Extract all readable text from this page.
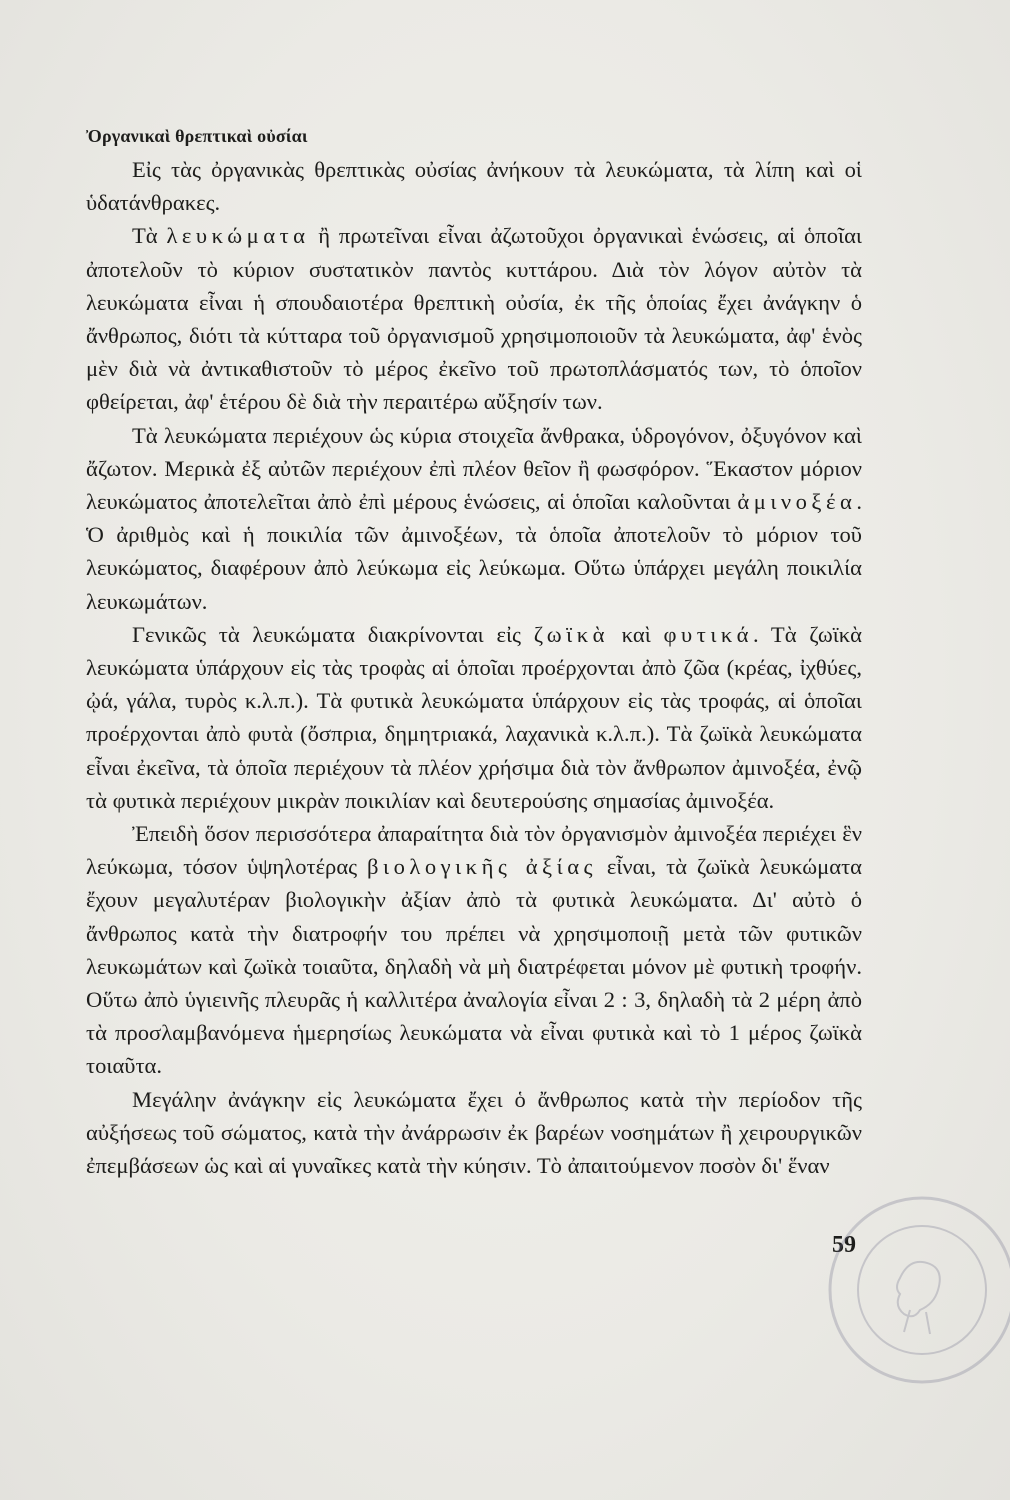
Ὀργανικαὶ θρεπτικαὶ οὐσίαι

Εἰς τὰς ὀργανικὰς θρεπτικὰς οὐσίας ἀνήκουν τὰ λευκώματα, τὰ λίπη καὶ οἱ ὑδατάνθρακες.

Τὰ λευκώματα ἢ πρωτεῖναι εἶναι ἀζωτοῦχοι ὀργανικαὶ ἑνώσεις, αἱ ὁποῖαι ἀποτελοῦν τὸ κύριον συστατικὸν παντὸς κυττάρου. Διὰ τὸν λόγον αὐτὸν τὰ λευκώματα εἶναι ἡ σπουδαιοτέρα θρεπτικὴ οὐσία, ἐκ τῆς ὁποίας ἔχει ἀνάγκην ὁ ἄνθρωπος, διότι τὰ κύτταρα τοῦ ὀργανισμοῦ χρησιμοποιοῦν τὰ λευκώματα, ἀφ' ἑνὸς μὲν διὰ νὰ ἀντικαθιστοῦν τὸ μέρος ἐκεῖνο τοῦ πρωτοπλάσματός των, τὸ ὁποῖον φθείρεται, ἀφ' ἑτέρου δὲ διὰ τὴν περαιτέρω αὔξησίν των.

Τὰ λευκώματα περιέχουν ὡς κύρια στοιχεῖα ἄνθρακα, ὑδρογόνον, ὀξυγόνον καὶ ἄζωτον. Μερικὰ ἐξ αὐτῶν περιέχουν ἐπὶ πλέον θεῖον ἢ φωσφόρον. Ἕκαστον μόριον λευκώματος ἀποτελεῖται ἀπὸ ἐπὶ μέρους ἑνώσεις, αἱ ὁποῖαι καλοῦνται ἀμινοξέα. Ὁ ἀριθμὸς καὶ ἡ ποικιλία τῶν ἀμινοξέων, τὰ ὁποῖα ἀποτελοῦν τὸ μόριον τοῦ λευκώματος, διαφέρουν ἀπὸ λεύκωμα εἰς λεύκωμα. Οὕτω ὑπάρχει μεγάλη ποικιλία λευκωμάτων.

Γενικῶς τὰ λευκώματα διακρίνονται εἰς ζωϊκὰ καὶ φυτικά. Τὰ ζωϊκὰ λευκώματα ὑπάρχουν εἰς τὰς τροφὰς αἱ ὁποῖαι προέρχονται ἀπὸ ζῶα (κρέας, ἰχθύες, ᾠά, γάλα, τυρὸς κ.λ.π.). Τὰ φυτικὰ λευκώματα ὑπάρχουν εἰς τὰς τροφάς, αἱ ὁποῖαι προέρχονται ἀπὸ φυτὰ (ὄσπρια, δημητριακά, λαχανικὰ κ.λ.π.). Τὰ ζωϊκὰ λευκώματα εἶναι ἐκεῖνα, τὰ ὁποῖα περιέχουν τὰ πλέον χρήσιμα διὰ τὸν ἄνθρωπον ἀμινοξέα, ἐνῷ τὰ φυτικὰ περιέχουν μικρὰν ποικιλίαν καὶ δευτερούσης σημασίας ἀμινοξέα.

Ἐπειδὴ ὅσον περισσότερα ἀπαραίτητα διὰ τὸν ὀργανισμὸν ἀμινοξέα περιέχει ἓν λεύκωμα, τόσον ὑψηλοτέρας βιολογικῆς ἀξίας εἶναι, τὰ ζωϊκὰ λευκώματα ἔχουν μεγαλυτέραν βιολογικὴν ἀξίαν ἀπὸ τὰ φυτικὰ λευκώματα. Δι' αὐτὸ ὁ ἄνθρωπος κατὰ τὴν διατροφήν του πρέπει νὰ χρησιμοποιῇ μετὰ τῶν φυτικῶν λευκωμάτων καὶ ζωϊκὰ τοιαῦτα, δηλαδὴ νὰ μὴ διατρέφεται μόνον μὲ φυτικὴ τροφήν. Οὕτω ἀπὸ ὑγιεινῆς πλευρᾶς ἡ καλλιτέρα ἀναλογία εἶναι 2 : 3, δηλαδὴ τὰ 2 μέρη ἀπὸ τὰ προσλαμβανόμενα ἡμερησίως λευκώματα νὰ εἶναι φυτικὰ καὶ τὸ 1 μέρος ζωϊκὰ τοιαῦτα.

Μεγάλην ἀνάγκην εἰς λευκώματα ἔχει ὁ ἄνθρωπος κατὰ τὴν περίοδον τῆς αὐξήσεως τοῦ σώματος, κατὰ τὴν ἀνάρρωσιν ἐκ βαρέων νοσημάτων ἢ χειρουργικῶν ἐπεμβάσεων ὡς καὶ αἱ γυναῖκες κατὰ τὴν κύησιν. Τὸ ἀπαιτούμενον ποσὸν δι' ἕναν

59
